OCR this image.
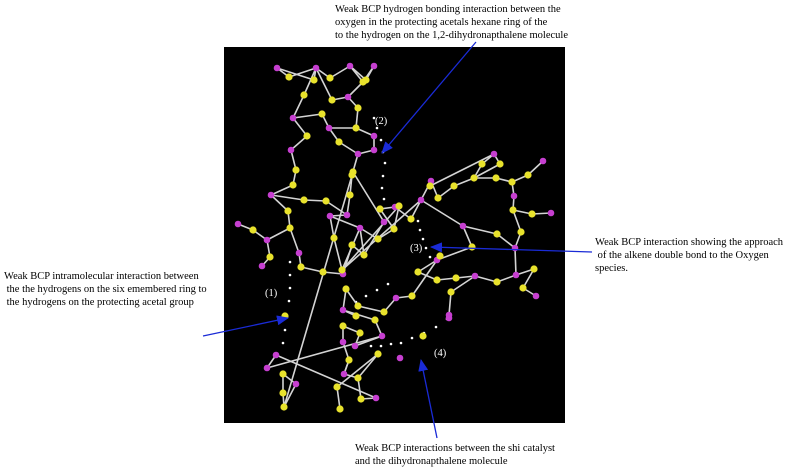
Weak BCP hydrogen bonding interaction between the
oxygen in the protecting acetals hexane ring of the
to the hydrogen on the 1,2-dihydronapthalene molecule

Weak BCP interaction showing the approach
of the alkene double bond to the Oxygen
species.

Weak BCP intramolecular interaction between
the the hydrogens on the six emembered ring to
the hydrogens on the protecting acetal group

Weak BCP interactions between the shi catalyst
and the dihydronapthalene molecule

(2)
(3)
(1)
(4)
